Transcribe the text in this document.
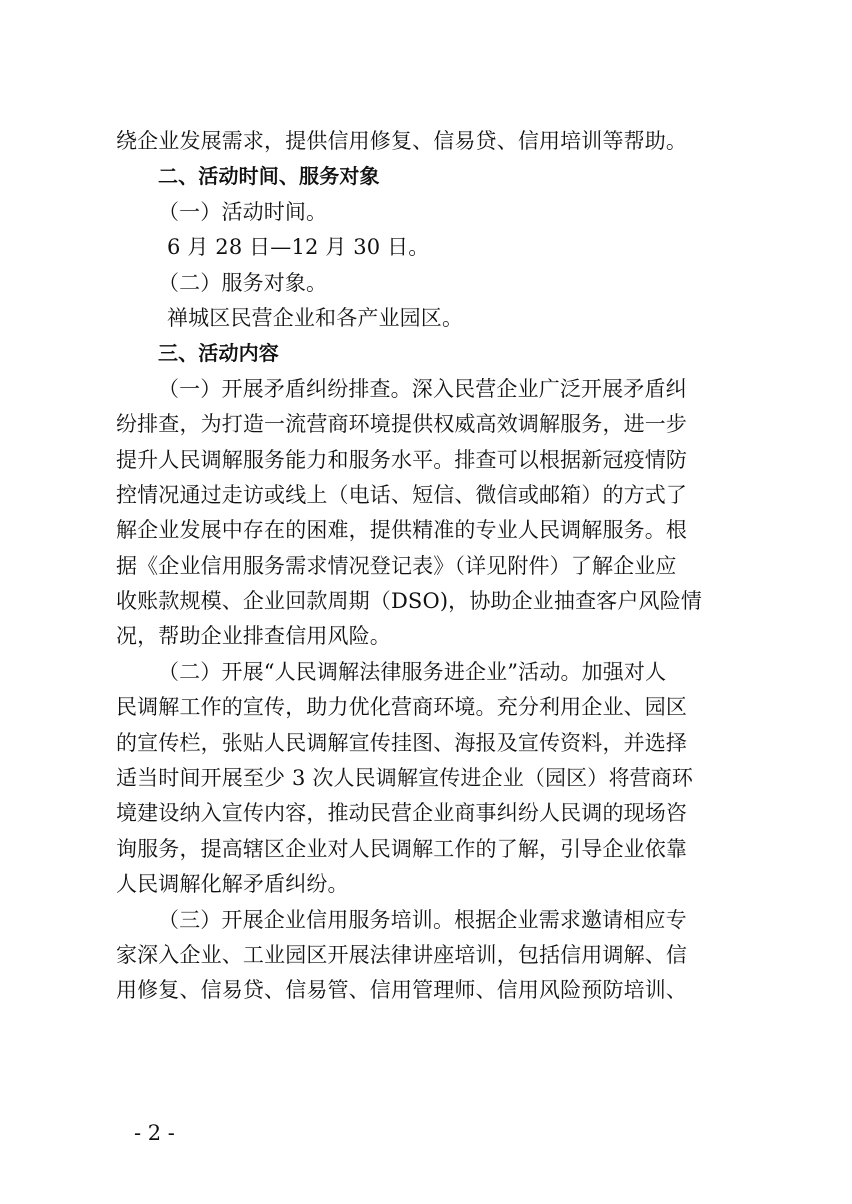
绕企业发展需求，提供信用修复、信易贷、信用培训等帮助。
二、活动时间、服务对象
（一）活动时间。
6 月 28 日—12 月 30 日。
（二）服务对象。
禅城区民营企业和各产业园区。
三、活动内容
（一）开展矛盾纠纷排查。深入民营企业广泛开展矛盾纠
纷排查，为打造一流营商环境提供权威高效调解服务，进一步
提升人民调解服务能力和服务水平。排查可以根据新冠疫情防
控情况通过走访或线上（电话、短信、微信或邮箱）的方式了
解企业发展中存在的困难，提供精准的专业人民调解服务。根
据《企业信用服务需求情况登记表》（详见附件）了解企业应
收账款规模、企业回款周期（DSO)，协助企业抽查客户风险情
况，帮助企业排查信用风险。
（二）开展“人民调解法律服务进企业”活动。加强对人
民调解工作的宣传，助力优化营商环境。充分利用企业、园区
的宣传栏，张贴人民调解宣传挂图、海报及宣传资料，并选择
适当时间开展至少 3 次人民调解宣传进企业（园区）将营商环
境建设纳入宣传内容，推动民营企业商事纠纷人民调的现场咨
询服务，提高辖区企业对人民调解工作的了解，引导企业依靠
人民调解化解矛盾纠纷。
（三）开展企业信用服务培训。根据企业需求邀请相应专
家深入企业、工业园区开展法律讲座培训，包括信用调解、信
用修复、信易贷、信易管、信用管理师、信用风险预防培训、
- 2 -
